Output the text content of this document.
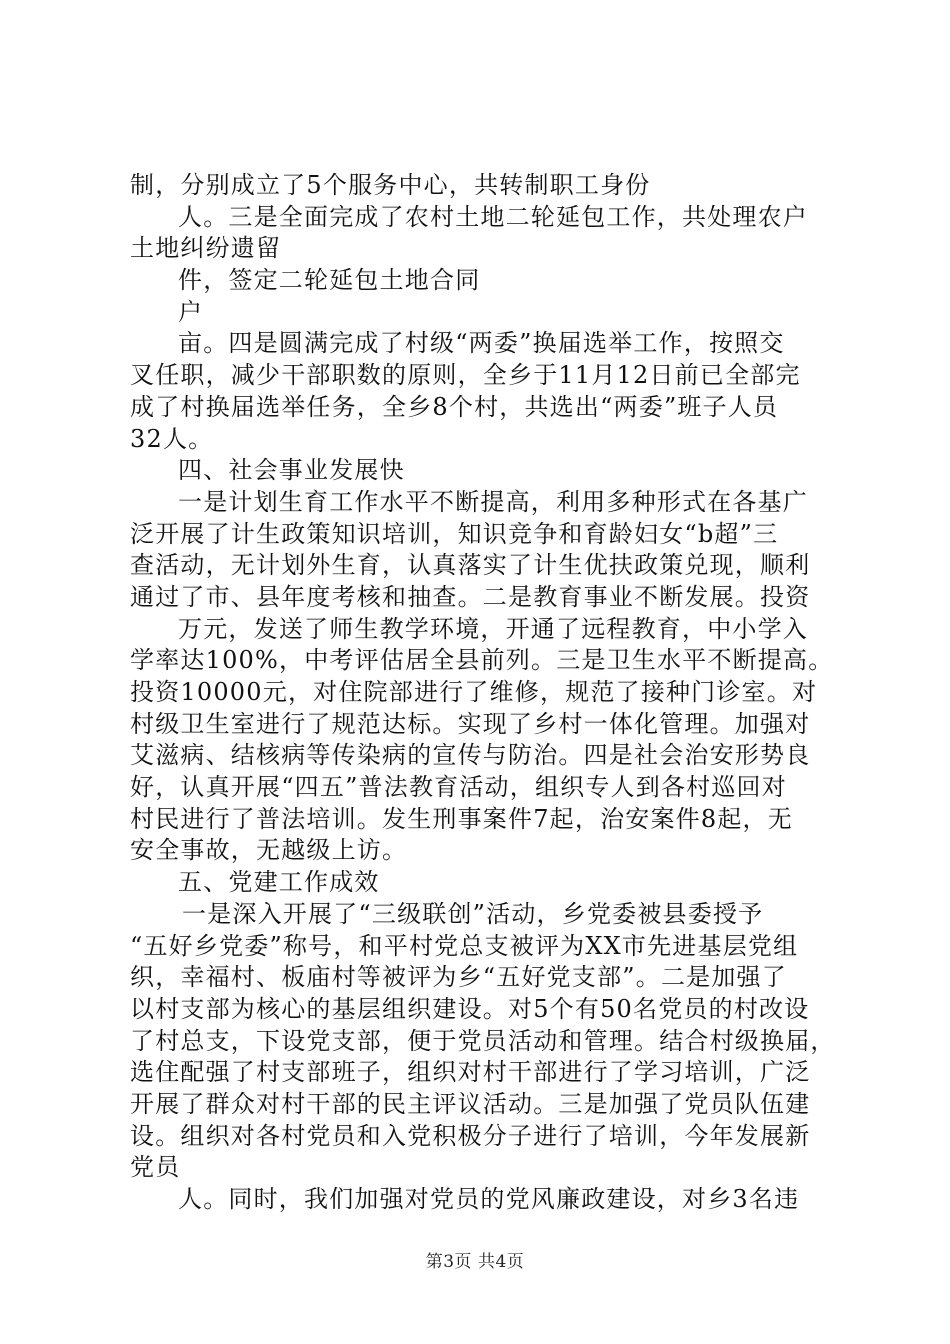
制，分别成立了5个服务中心，共转制职工身份
人。三是全面完成了农村土地二轮延包工作，共处理农户
土地纠纷遗留
件，签定二轮延包土地合同
户
亩。四是圆满完成了村级“两委”换届选举工作，按照交
叉任职，减少干部职数的原则，全乡于11月12日前已全部完
成了村换届选举任务，全乡8个村，共选出“两委”班子人员
32人。
四、社会事业发展快
一是计划生育工作水平不断提高，利用多种形式在各基广
泛开展了计生政策知识培训，知识竞争和育龄妇女“b超”三
查活动，无计划外生育，认真落实了计生优扶政策兑现，顺利
通过了市、县年度考核和抽查。二是教育事业不断发展。投资
万元，发送了师生教学环境，开通了远程教育，中小学入
学率达100%，中考评估居全县前列。三是卫生水平不断提高。
投资10000元，对住院部进行了维修，规范了接种门诊室。对
村级卫生室进行了规范达标。实现了乡村一体化管理。加强对
艾滋病、结核病等传染病的宣传与防治。四是社会治安形势良
好，认真开展“四五”普法教育活动，组织专人到各村巡回对
村民进行了普法培训。发生刑事案件7起，治安案件8起，无
安全事故，无越级上访。
五、党建工作成效
一是深入开展了“三级联创”活动，乡党委被县委授予
“五好乡党委”称号，和平村党总支被评为XX市先进基层党组
织，幸福村、板庙村等被评为乡“五好党支部”。二是加强了
以村支部为核心的基层组织建设。对5个有50名党员的村改设
了村总支，下设党支部，便于党员活动和管理。结合村级换届，
选住配强了村支部班子，组织对村干部进行了学习培训，广泛
开展了群众对村干部的民主评议活动。三是加强了党员队伍建
设。组织对各村党员和入党积极分子进行了培训，今年发展新
党员
人。同时，我们加强对党员的党风廉政建设，对乡3名违
第3页 共4页
